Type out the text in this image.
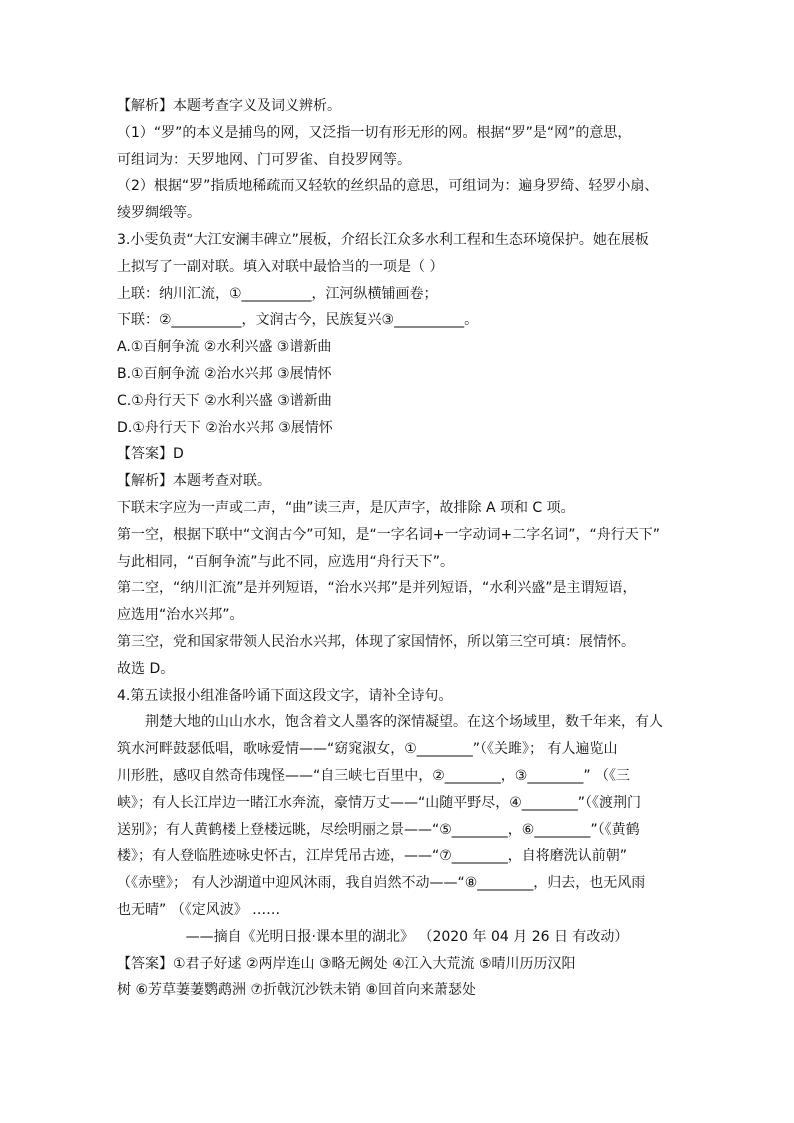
【解析】本题考查字义及词义辨析。
（1）“罗”的本义是捕鸟的网，又泛指一切有形无形的网。根据“罗”是“网”的意思，
可组词为：天罗地网、门可罗雀、自投罗网等。
（2）根据“罗”指质地稀疏而又轻软的丝织品的意思，可组词为：遍身罗绮、轻罗小扇、
绫罗绸缎等。
3.小雯负责“大江安澜丰碑立”展板，介绍长江众多水利工程和生态环境保护。她在展板
上拟写了一副对联。填入对联中最恰当的一项是（ ）
上联：纳川汇流，①__________，江河纵横铺画卷；
下联：②__________，文润古今，民族复兴③__________。
A.①百舸争流 ②水利兴盛 ③谱新曲
B.①百舸争流 ②治水兴邦 ③展情怀
C.①舟行天下 ②水利兴盛 ③谱新曲
D.①舟行天下 ②治水兴邦 ③展情怀
【答案】D
【解析】本题考查对联。
下联末字应为一声或二声，“曲”读三声，是仄声字，故排除 A 项和 C 项。
第一空，根据下联中“文润古今”可知，是“一字名词+一字动词+二字名词”，“舟行天下”
与此相同，“百舸争流”与此不同，应选用“舟行天下”。
第二空，“纳川汇流”是并列短语，“治水兴邦”是并列短语，“水利兴盛”是主谓短语，
应选用“治水兴邦”。
第三空，党和国家带领人民治水兴邦，体现了家国情怀，所以第三空可填：展情怀。
故选 D。
4.第五读报小组准备吟诵下面这段文字，请补全诗句。
荆楚大地的山山水水，饱含着文人墨客的深情凝望。在这个场域里，数千年来，有人
筑水河畔鼓瑟低唱，歌咏爱情——“窈窕淑女，①________”（《关雎》； 有人遍览山
川形胜，感叹自然奇伟瑰怪——“自三峡七百里中，②________，③________” （《三
峡》；有人长江岸边一睹江水奔流，豪情万丈——“山随平野尽，④________”（《渡荆门
送别》；有人黄鹤楼上登楼远眺，尽绘明丽之景——“⑤________，⑥________”（《黄鹤
楼》；有人登临胜迹咏史怀古，江岸凭吊古迹，——“⑦________，自将磨洗认前朝”
（《赤壁》； 有人沙湖道中迎风沐雨，我自岿然不动——“⑧________，归去，也无风雨
也无晴” （《定风波》 ……
——摘自《光明日报·课本里的湖北》 （2020 年 04 月 26 日 有改动）
【答案】①君子好逑 ②两岸连山 ③略无阙处 ④江入大荒流 ⑤晴川历历汉阳
树 ⑥芳草萋萋鹦鹉洲 ⑦折戟沉沙铁未销 ⑧回首向来萧瑟处
